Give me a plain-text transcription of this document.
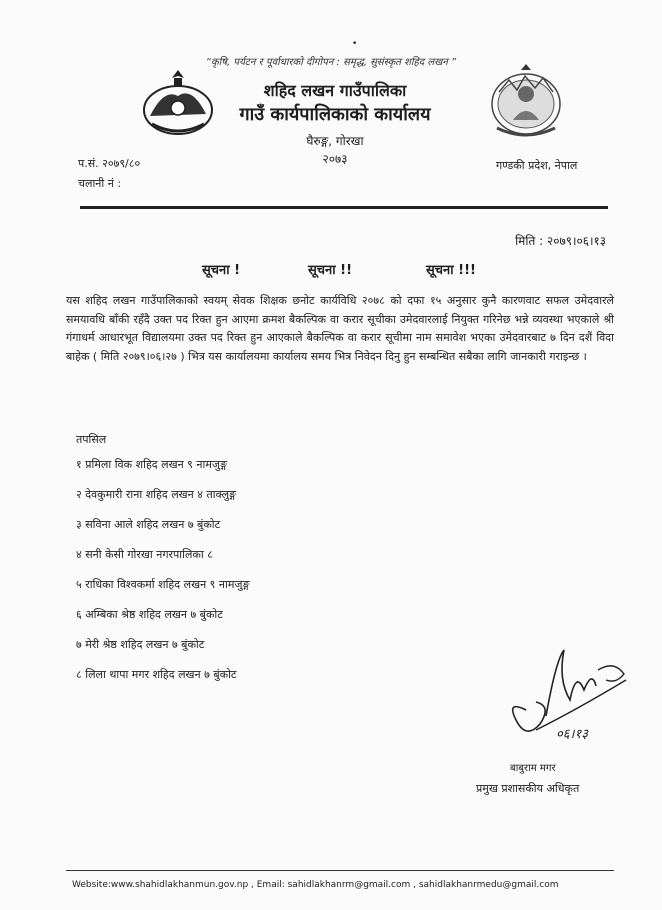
•
“कृषि, पर्यटन र पूर्वाधारको दीगोपन : समृद्ध, सुसंस्कृत शहिद लखन ”
शहिद लखन गाउँपालिका
गाउँ कार्यपालिकाको कार्यालय
घैरुङ्ग, गोरखा
२०७३
प.सं. २०७९/८०
चलानी नं :
गण्डकी प्रदेश, नेपाल
मिति : २०७९।०६।१३
सूचना !	सूचना !!	सूचना !!!
यस शहिद लखन गाउँपालिकाको स्वयम् सेवक शिक्षक छनोट कार्यविधि २०७८ को दफा १५ अनुसार कुनै कारणवाट सफल उमेदवारले समयावधि बाँकी रहँदै उक्त पद रिक्त हुन आएमा क्रमश बैकल्पिक वा करार सूचीका उमेदवारलाई नियुक्त गरिनेछ भन्ने व्यवस्था भएकाले श्री गंगाधर्म आधारभूत विद्यालयमा उक्त पद रिक्त हुन आएकाले बैकल्पिक वा करार सूचीमा नाम समावेश भएका उमेदवारबाट ७ दिन दशैं विदा बाहेक ( मिति २०७९।०६।२७ ) भित्र यस कार्यालयमा कार्यालय समय भित्र निवेदन दिनु हुन सम्बन्धित सबैका लागि जानकारी गराइन्छ ।
तपसिल
१ प्रमिला विक शहिद लखन ९ नामजुङ्ग
२ देवकुमारी राना शहिद लखन ४ ताक्लुङ्ग
३ सविना आले शहिद लखन ७ बुंकोट
४ सनी केसी गोरखा नगरपालिका ८
५ राधिका विश्वकर्मा शहिद लखन ९ नामजुङ्ग
६ अम्बिका श्रेष्ठ शहिद लखन ७ बुंकोट
७ मेरी श्रेष्ठ शहिद लखन ७ बुंकोट
८ लिला थापा मगर शहिद लखन ७ बुंकोट
०६।१३
बाबुराम मगर
प्रमुख प्रशासकीय अधिकृत
Website:www.shahidlakhanmun.gov.np , Email: sahidlakhanrm@gmail.com , sahidlakhanrmedu@gmail.com
